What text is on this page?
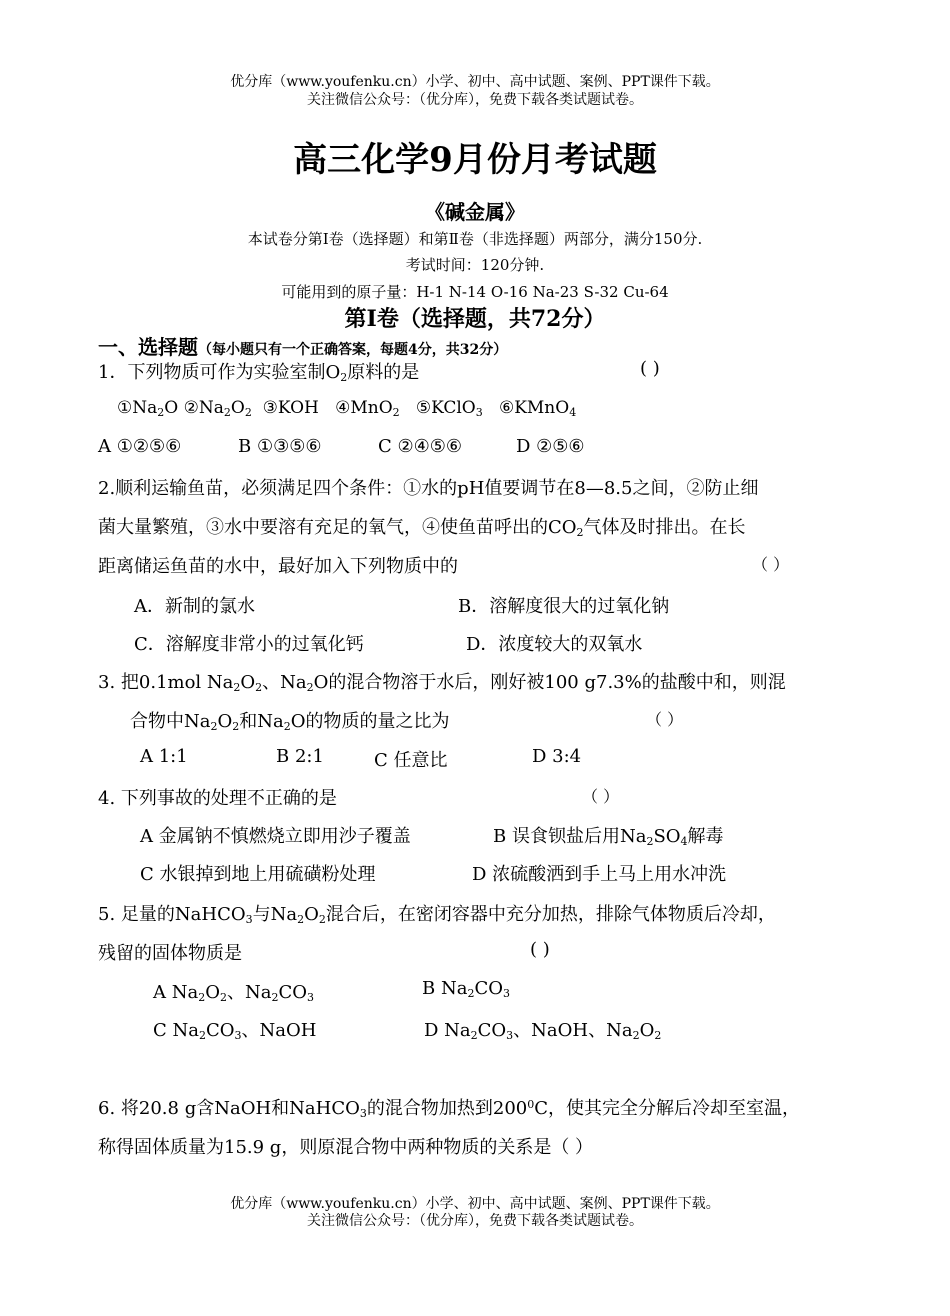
优分库（www.youfenku.cn）小学、初中、高中试题、案例、PPT课件下载。
关注微信公众号：（优分库），免费下载各类试题试卷。
高三化学9月份月考试题
《碱金属》
本试卷分第Ⅰ卷（选择题）和第Ⅱ卷（非选择题）两部分，满分150分.
考试时间：120分钟.
可能用到的原子量：H-1 N-14 O-16 Na-23 S-32 Cu-64
第Ⅰ卷（选择题，共72分）
一、选择题（每小题只有一个正确答案，每题4分，共32分）
1．下列物质可作为实验室制$O_2$原料的是	( )
$①Na_2O$ $②Na_2O_2$ ③KOH ④MnO$_2$ ⑤KClO$_3$ ⑥KMnO$_4$
A ①②⑤⑥	B ①③⑤⑥	C ②④⑤⑥	D ②⑤⑥
2.顺利运输鱼苗，必须满足四个条件：①水的pH值要调节在8—8.5之间，②防止细
菌大量繁殖，③水中要溶有充足的氧气，④使鱼苗呼出的$CO_2$气体及时排出。在长
距离储运鱼苗的水中，最好加入下列物质中的	（ ）
A．新制的氯水	B．溶解度很大的过氧化钠
C．溶解度非常小的过氧化钙	D．浓度较大的双氧水
3. 把0.1mol $Na_2O_2$、$Na_2O$的混合物溶于水后，刚好被100 g7.3%的盐酸中和，则混
合物中$Na_2O_2$和$Na_2O$的物质的量之比为	（ ）
A 1:1	B 2:1	C 任意比	D 3:4
4. 下列事故的处理不正确的是	（ ）
A 金属钠不慎燃烧立即用沙子覆盖	B 误食钡盐后用$Na_2SO_4$解毒
C 水银掉到地上用硫磺粉处理	D 浓硫酸洒到手上马上用水冲洗
5. 足量的NaHCO$_3$与$Na_2O_2$混合后，在密闭容器中充分加热，排除气体物质后冷却，
残留的固体物质是	( )
A $Na_2O_2$、$Na_2CO_3$	B $Na_2CO_3$
C $Na_2CO_3$、NaOH	D $Na_2CO_3$、NaOH、$Na_2O_2$
6. 将20.8 g含NaOH和NaHCO$_3$的混合物加热到$200^0C$，使其完全分解后冷却至室温，
称得固体质量为15.9 g，则原混合物中两种物质的关系是（ ）
优分库（www.youfenku.cn）小学、初中、高中试题、案例、PPT课件下载。
关注微信公众号：（优分库），免费下载各类试题试卷。
